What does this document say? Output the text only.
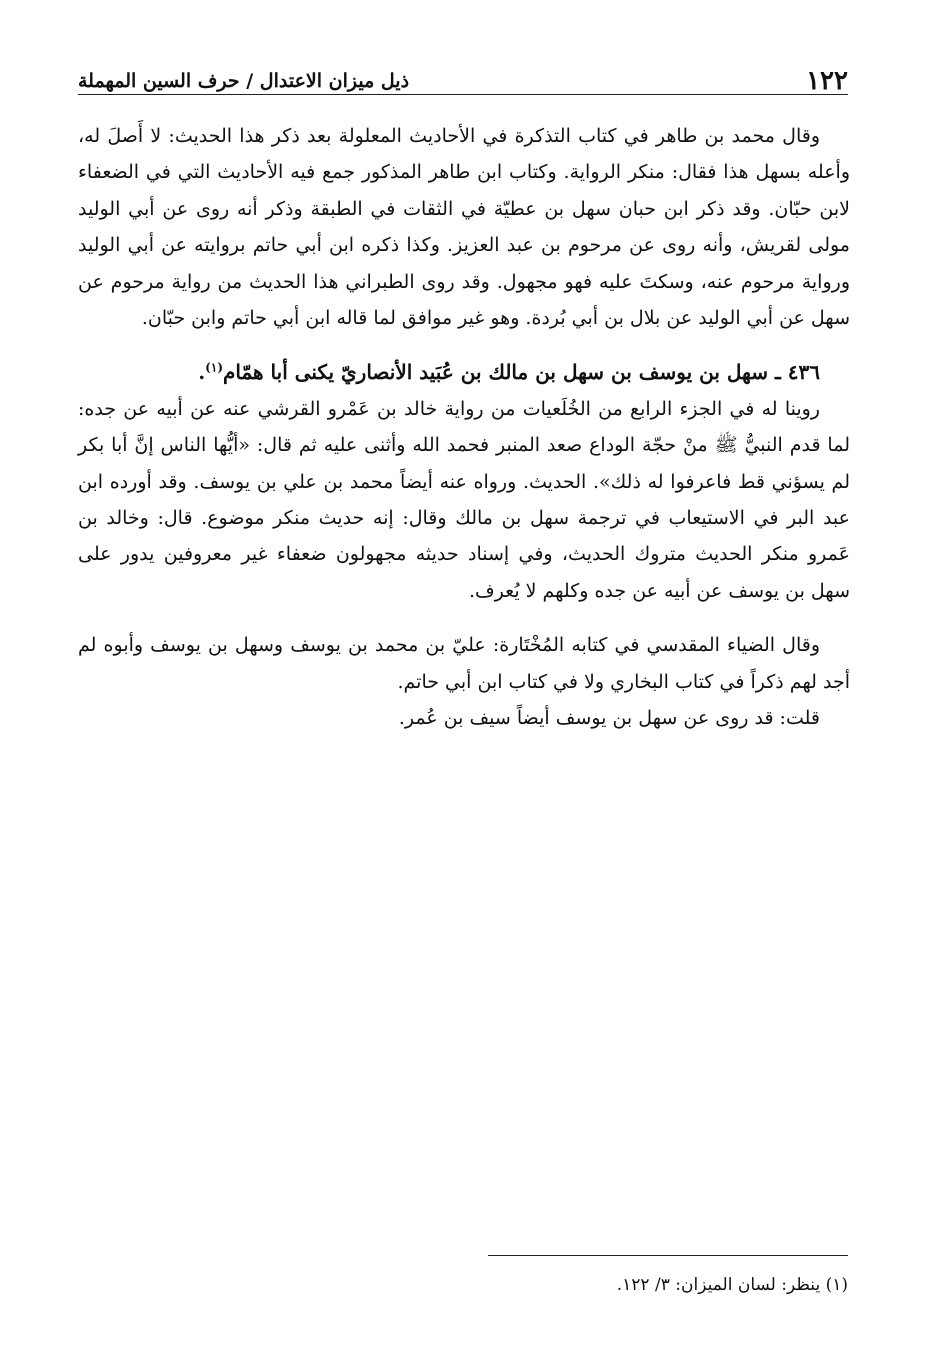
١٢٢
ذيل ميزان الاعتدال / حرف السين المهملة

وقال محمد بن طاهر في كتاب التذكرة في الأحاديث المعلولة بعد ذكر هذا الحديث: لا أَصلَ له، وأعله بسهل هذا فقال: منكر الرواية. وكتاب ابن طاهر المذكور جمع فيه الأحاديث التي في الضعفاء لابن حبّان. وقد ذكر ابن حبان سهل بن عطيّة في الثقات في الطبقة وذكر أنه روى عن أبي الوليد مولى لقريش، وأنه روى عن مرحوم بن عبد العزيز. وكذا ذكره ابن أبي حاتم بروايته عن أبي الوليد ورواية مرحوم عنه، وسكتَ عليه فهو مجهول. وقد روى الطبراني هذا الحديث من رواية مرحوم عن سهل عن أبي الوليد عن بلال بن أبي بُردة. وهو غير موافق لما قاله ابن أبي حاتم وابن حبّان.

٤٣٦ ـ سهل بن يوسف بن سهل بن مالك بن عُبَيد الأنصاريّ يكنى أبا همّام$^{(١)}$.

روينا له في الجزء الرابع من الخُلَعيات من رواية خالد بن عَمْرو القرشي عنه عن أبيه عن جده: لما قدم النبيُّ ﷺ منْ حجّة الوداع صعد المنبر فحمد الله وأثنى عليه ثم قال: «أيُّها الناس إنَّ أبا بكر لم يسؤني قط فاعرفوا له ذلك». الحديث. ورواه عنه أيضاً محمد بن علي بن يوسف. وقد أورده ابن عبد البر في الاستيعاب في ترجمة سهل بن مالك وقال: إنه حديث منكر موضوع. قال: وخالد بن عَمرو منكر الحديث متروك الحديث، وفي إسناد حديثه مجهولون ضعفاء غير معروفين يدور على سهل بن يوسف عن أبيه عن جده وكلهم لا يُعرف.

وقال الضياء المقدسي في كتابه المُخْتَارة: عليّ بن محمد بن يوسف وسهل بن يوسف وأبوه لم أجد لهم ذكراً في كتاب البخاري ولا في كتاب ابن أبي حاتم.

قلت: قد روى عن سهل بن يوسف أيضاً سيف بن عُمر.

(١) ينظر: لسان الميزان: ٣/ ١٢٢.
